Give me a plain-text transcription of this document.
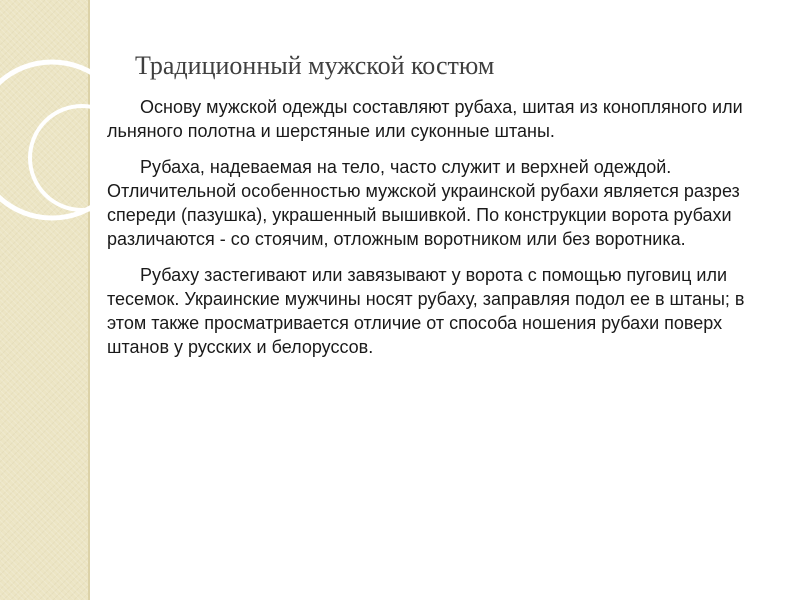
Традиционный мужской костюм

Основу мужской одежды составляют рубаха, шитая из конопляного или льняного полотна и шерстяные или суконные штаны.

Рубаха, надеваемая на тело, часто служит и верхней одеждой. Отличительной особенностью мужской украинской рубахи является разрез спереди (пазушка), украшенный вышивкой. По конструкции ворота рубахи различаются - со стоячим, отложным воротником или без воротника.

Рубаху застегивают или завязывают у ворота с помощью пуговиц или тесемок. Украинские мужчины носят рубаху, заправляя подол ее в штаны; в этом также просматривается отличие от способа ношения рубахи поверх штанов у русских и белоруссов.
